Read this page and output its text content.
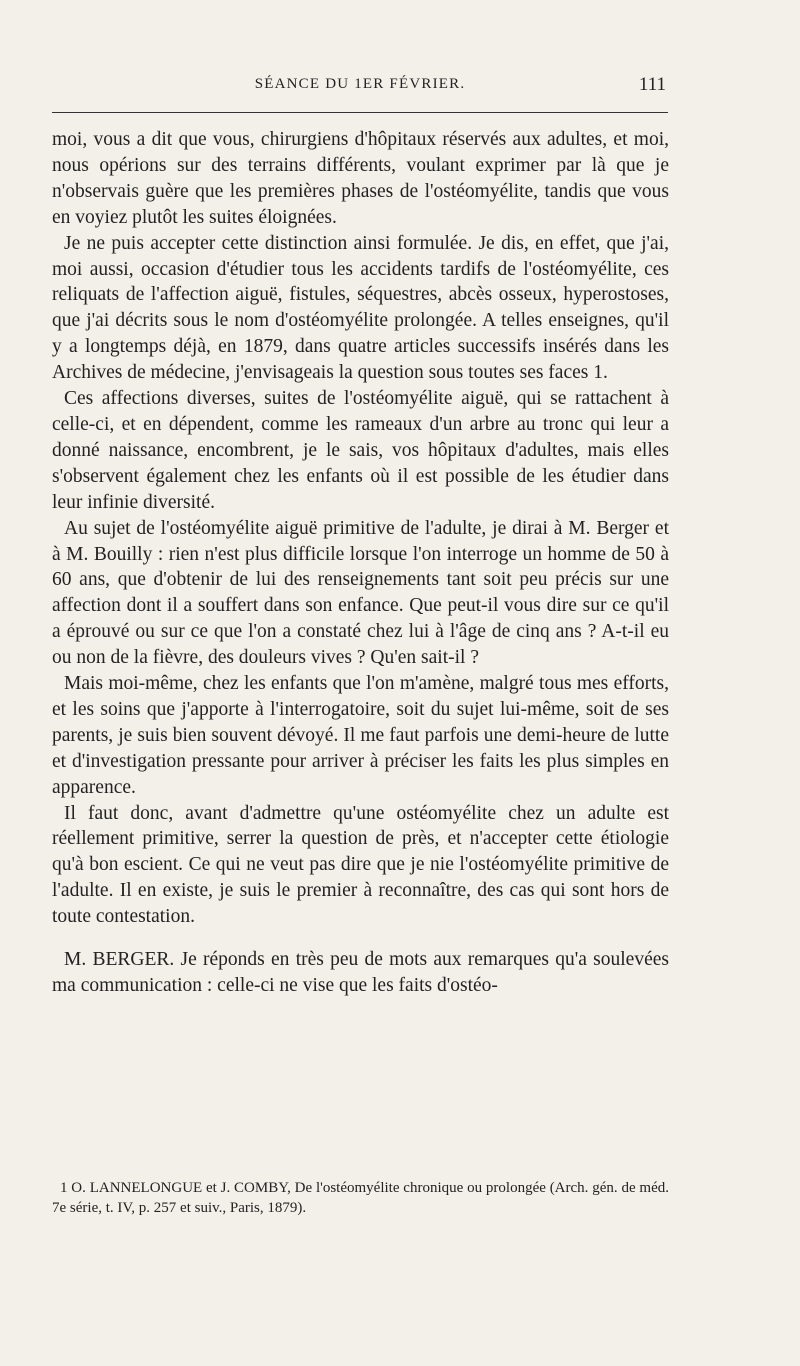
SÉANCE DU 1ER FÉVRIER.	111

moi, vous a dit que vous, chirurgiens d'hôpitaux réservés aux adultes, et moi, nous opérions sur des terrains différents, voulant exprimer par là que je n'observais guère que les premières phases de l'ostéomyélite, tandis que vous en voyiez plutôt les suites éloignées.

Je ne puis accepter cette distinction ainsi formulée. Je dis, en effet, que j'ai, moi aussi, occasion d'étudier tous les accidents tardifs de l'ostéomyélite, ces reliquats de l'affection aiguë, fistules, séquestres, abcès osseux, hyperostoses, que j'ai décrits sous le nom d'ostéomyélite prolongée. A telles enseignes, qu'il y a longtemps déjà, en 1879, dans quatre articles successifs insérés dans les Archives de médecine, j'envisageais la question sous toutes ses faces 1.

Ces affections diverses, suites de l'ostéomyélite aiguë, qui se rattachent à celle-ci, et en dépendent, comme les rameaux d'un arbre au tronc qui leur a donné naissance, encombrent, je le sais, vos hôpitaux d'adultes, mais elles s'observent également chez les enfants où il est possible de les étudier dans leur infinie diversité.

Au sujet de l'ostéomyélite aiguë primitive de l'adulte, je dirai à M. Berger et à M. Bouilly : rien n'est plus difficile lorsque l'on interroge un homme de 50 à 60 ans, que d'obtenir de lui des renseignements tant soit peu précis sur une affection dont il a souffert dans son enfance. Que peut-il vous dire sur ce qu'il a éprouvé ou sur ce que l'on a constaté chez lui à l'âge de cinq ans ? A-t-il eu ou non de la fièvre, des douleurs vives ? Qu'en sait-il ?

Mais moi-même, chez les enfants que l'on m'amène, malgré tous mes efforts, et les soins que j'apporte à l'interrogatoire, soit du sujet lui-même, soit de ses parents, je suis bien souvent dévoyé. Il me faut parfois une demi-heure de lutte et d'investigation pressante pour arriver à préciser les faits les plus simples en apparence.

Il faut donc, avant d'admettre qu'une ostéomyélite chez un adulte est réellement primitive, serrer la question de près, et n'accepter cette étiologie qu'à bon escient. Ce qui ne veut pas dire que je nie l'ostéomyélite primitive de l'adulte. Il en existe, je suis le premier à reconnaître, des cas qui sont hors de toute contestation.

M. BERGER. Je réponds en très peu de mots aux remarques qu'a soulevées ma communication : celle-ci ne vise que les faits d'ostéo-

1 O. LANNELONGUE et J. COMBY, De l'ostéomyélite chronique ou prolongée (Arch. gén. de méd. 7e série, t. IV, p. 257 et suiv., Paris, 1879).
